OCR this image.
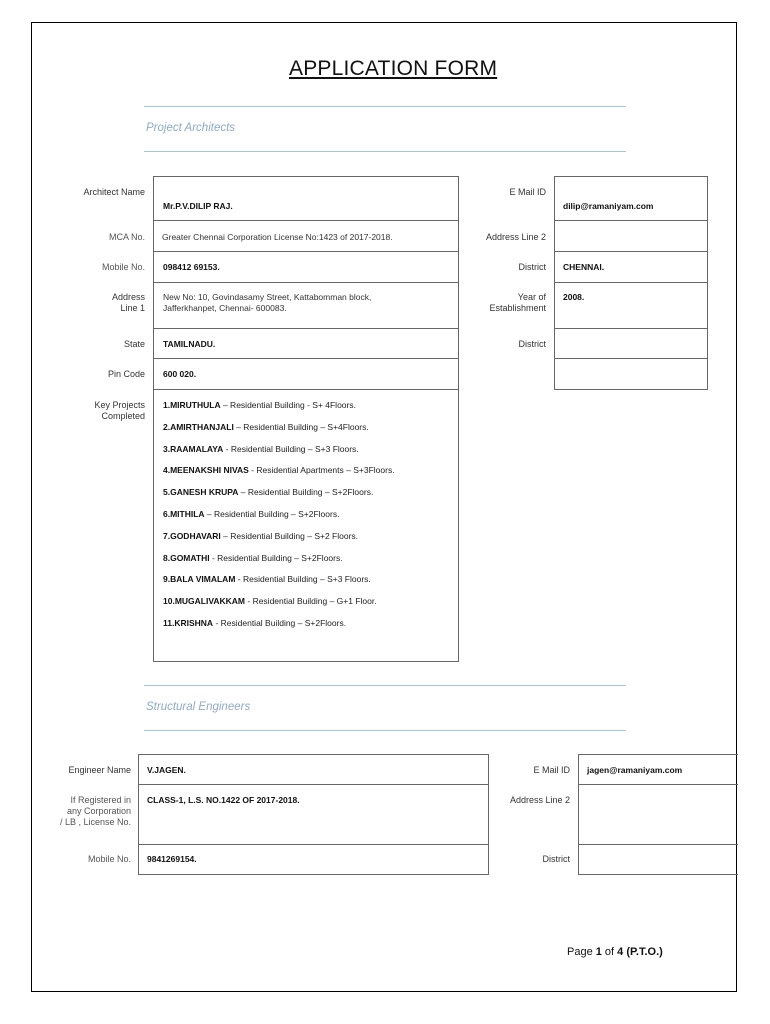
APPLICATION FORM
Project Architects
Architect Name
MCA No.
Mobile No.
Address Line 1
State
Pin Code
Key Projects Completed
Mr.P.V.DILIP RAJ.
Greater Chennai Corporation License No:1423 of 2017-2018.
098412 69153.
New No: 10, Govindasamy Street, Kattabomman block,
Jafferkhanpet, Chennai- 600083.
TAMILNADU.
600 020.
1.MIRUTHULA – Residential Building - S+ 4Floors.
2.AMIRTHANJALI – Residential Building – S+4Floors.
3.RAAMALAYA - Residential Building – S+3 Floors.
4.MEENAKSHI NIVAS - Residential Apartments – S+3Floors.
5.GANESH KRUPA – Residential Building – S+2Floors.
6.MITHILA – Residential Building – S+2Floors.
7.GODHAVARI – Residential Building – S+2 Floors.
8.GOMATHI - Residential Building – S+2Floors.
9.BALA VIMALAM - Residential Building – S+3 Floors.
10.MUGALIVAKKAM - Residential Building – G+1 Floor.
11.KRISHNA - Residential Building – S+2Floors.
E Mail ID
Address Line 2
District
Year of Establishment
District
dilip@ramaniyam.com
CHENNAI.
2008.
Structural Engineers
Engineer Name
If Registered in
any Corporation
/ LB , License No.
Mobile No.
V.JAGEN.
CLASS-1, L.S. NO.1422 OF 2017-2018.
9841269154.
E Mail ID
Address Line 2
District
jagen@ramaniyam.com
Page 1 of 4 (P.T.O.)
